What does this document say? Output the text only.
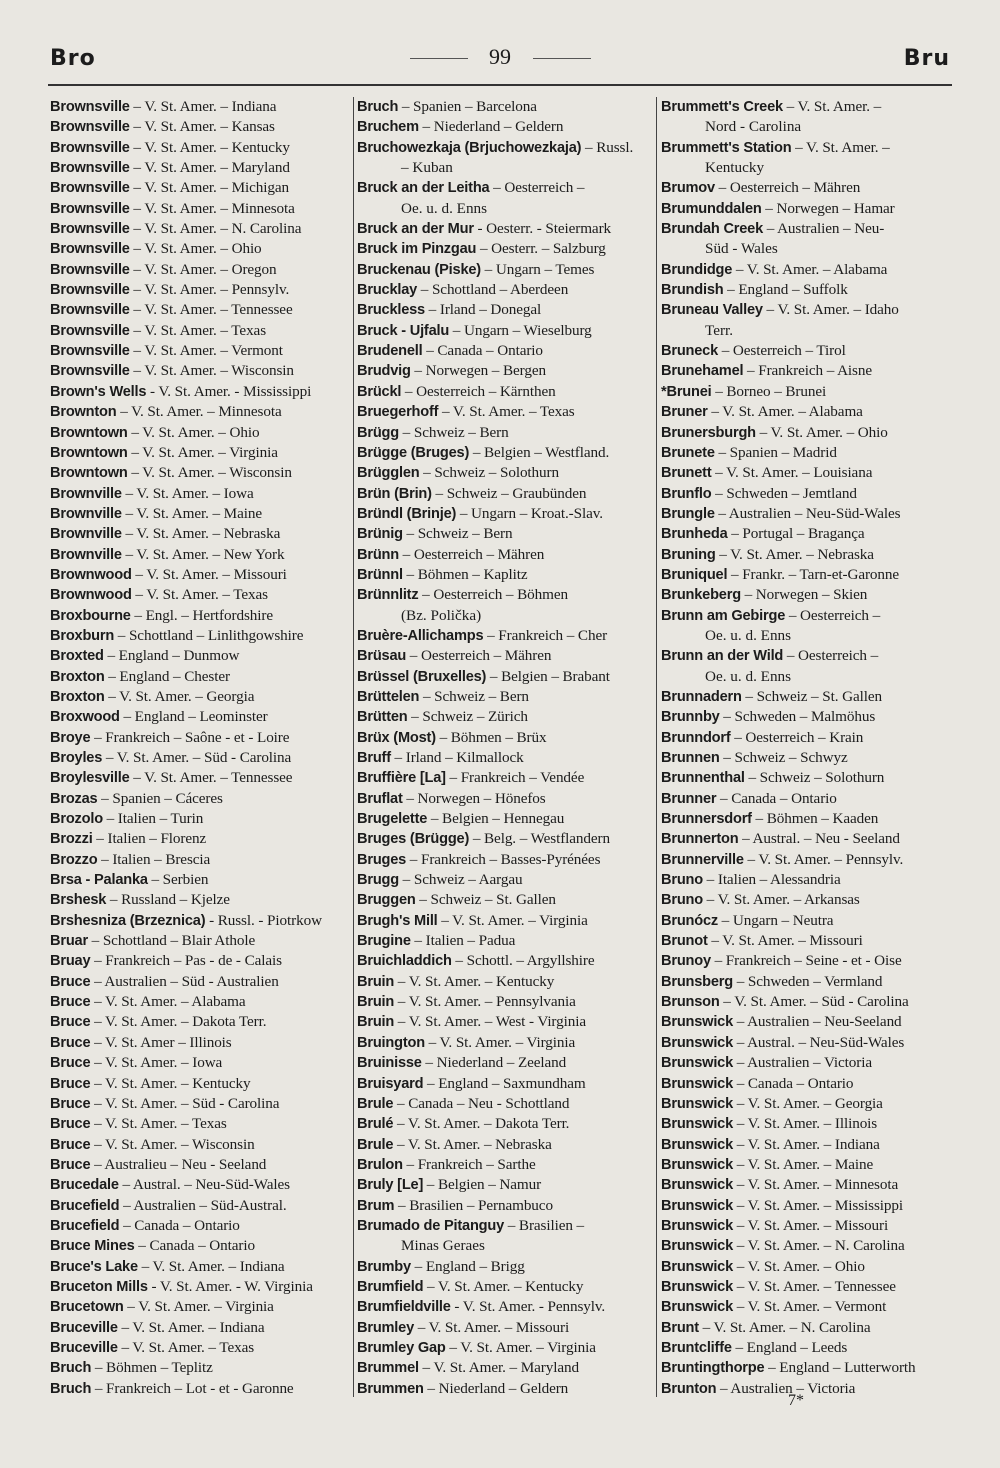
Bro	99	Bru
Brownsville – V. St. Amer. – Indiana
Brownsville – V. St. Amer. – Kansas
Brownsville – V. St. Amer. – Kentucky
Brownsville – V. St. Amer. – Maryland
Brownsville – V. St. Amer. – Michigan
Brownsville – V. St. Amer. – Minnesota
Brownsville – V. St. Amer. – N. Carolina
Brownsville – V. St. Amer. – Ohio
Brownsville – V. St. Amer. – Oregon
Brownsville – V. St. Amer. – Pennsylv.
Brownsville – V. St. Amer. – Tennessee
Brownsville – V. St. Amer. – Texas
Brownsville – V. St. Amer. – Vermont
Brownsville – V. St. Amer. – Wisconsin
Brown's Wells - V. St. Amer. - Mississippi
Brownton – V. St. Amer. – Minnesota
Browntown – V. St. Amer. – Ohio
Browntown – V. St. Amer. – Virginia
Browntown – V. St. Amer. – Wisconsin
Brownville – V. St. Amer. – Iowa
Brownville – V. St. Amer. – Maine
Brownville – V. St. Amer. – Nebraska
Brownville – V. St. Amer. – New York
Brownwood – V. St. Amer. – Missouri
Brownwood – V. St. Amer. – Texas
Broxbourne – Engl. – Hertfordshire
Broxburn – Schottland – Linlithgowshire
Broxted – England – Dunmow
Broxton – England – Chester
Broxton – V. St. Amer. – Georgia
Broxwood – England – Leominster
Broye – Frankreich – Saône - et - Loire
Broyles – V. St. Amer. – Süd - Carolina
Broylesville – V. St. Amer. – Tennessee
Brozas – Spanien – Cáceres
Brozolo – Italien – Turin
Brozzi – Italien – Florenz
Brozzo – Italien – Brescia
Brsa - Palanka – Serbien
Brshesk – Russland – Kjelze
Brshesniza (Brzeznica) - Russl. - Piotrkow
Bruar – Schottland – Blair Athole
Bruay – Frankreich – Pas - de - Calais
Bruce – Australien – Süd - Australien
Bruce – V. St. Amer. – Alabama
Bruce – V. St. Amer. – Dakota Terr.
Bruce – V. St. Amer – Illinois
Bruce – V. St. Amer. – Iowa
Bruce – V. St. Amer. – Kentucky
Bruce – V. St. Amer. – Süd - Carolina
Bruce – V. St. Amer. – Texas
Bruce – V. St. Amer. – Wisconsin
Bruce – Australieu – Neu - Seeland
Brucedale – Austral. – Neu-Süd-Wales
Brucefield – Australien – Süd-Austral.
Brucefield – Canada – Ontario
Bruce Mines – Canada – Ontario
Bruce's Lake – V. St. Amer. – Indiana
Bruceton Mills - V. St. Amer. - W. Virginia
Brucetown – V. St. Amer. – Virginia
Bruceville – V. St. Amer. – Indiana
Bruceville – V. St. Amer. – Texas
Bruch – Böhmen – Teplitz
Bruch – Frankreich – Lot - et - Garonne
Bruch – Spanien – Barcelona
Bruchem – Niederland – Geldern
Bruchowezkaja (Brjuchowezkaja) – Russl.
– Kuban
Bruck an der Leitha – Oesterreich –
Oe. u. d. Enns
Bruck an der Mur - Oesterr. - Steiermark
Bruck im Pinzgau – Oesterr. – Salzburg
Bruckenau (Piske) – Ungarn – Temes
Brucklay – Schottland – Aberdeen
Bruckless – Irland – Donegal
Bruck - Ujfalu – Ungarn – Wieselburg
Brudenell – Canada – Ontario
Brudvig – Norwegen – Bergen
Brückl – Oesterreich – Kärnthen
Bruegerhoff – V. St. Amer. – Texas
Brügg – Schweiz – Bern
Brügge (Bruges) – Belgien – Westfland.
Brügglen – Schweiz – Solothurn
Brün (Brin) – Schweiz – Graubünden
Bründl (Brinje) – Ungarn – Kroat.-Slav.
Brünig – Schweiz – Bern
Brünn – Oesterreich – Mähren
Brünnl – Böhmen – Kaplitz
Brünnlitz – Oesterreich – Böhmen
(Bz. Polička)
Bruère-Allichamps – Frankreich – Cher
Brüsau – Oesterreich – Mähren
Brüssel (Bruxelles) – Belgien – Brabant
Brüttelen – Schweiz – Bern
Brütten – Schweiz – Zürich
Brüx (Most) – Böhmen – Brüx
Bruff – Irland – Kilmallock
Bruffière [La] – Frankreich – Vendée
Bruflat – Norwegen – Hönefos
Brugelette – Belgien – Hennegau
Bruges (Brügge) – Belg. – Westflandern
Bruges – Frankreich – Basses-Pyrénées
Brugg – Schweiz – Aargau
Bruggen – Schweiz – St. Gallen
Brugh's Mill – V. St. Amer. – Virginia
Brugine – Italien – Padua
Bruichladdich – Schottl. – Argyllshire
Bruin – V. St. Amer. – Kentucky
Bruin – V. St. Amer. – Pennsylvania
Bruin – V. St. Amer. – West - Virginia
Bruington – V. St. Amer. – Virginia
Bruinisse – Niederland – Zeeland
Bruisyard – England – Saxmundham
Brule – Canada – Neu - Schottland
Brulé – V. St. Amer. – Dakota Terr.
Brule – V. St. Amer. – Nebraska
Brulon – Frankreich – Sarthe
Bruly [Le] – Belgien – Namur
Brum – Brasilien – Pernambuco
Brumado de Pitanguy – Brasilien –
Minas Geraes
Brumby – England – Brigg
Brumfield – V. St. Amer. – Kentucky
Brumfieldville - V. St. Amer. - Pennsylv.
Brumley – V. St. Amer. – Missouri
Brumley Gap – V. St. Amer. – Virginia
Brummel – V. St. Amer. – Maryland
Brummen – Niederland – Geldern
Brummett's Creek – V. St. Amer. –
Nord - Carolina
Brummett's Station – V. St. Amer. –
Kentucky
Brumov – Oesterreich – Mähren
Brumunddalen – Norwegen – Hamar
Brundah Creek – Australien – Neu-
Süd - Wales
Brundidge – V. St. Amer. – Alabama
Brundish – England – Suffolk
Bruneau Valley – V. St. Amer. – Idaho
Terr.
Bruneck – Oesterreich – Tirol
Brunehamel – Frankreich – Aisne
*Brunei – Borneo – Brunei
Bruner – V. St. Amer. – Alabama
Brunersburgh – V. St. Amer. – Ohio
Brunete – Spanien – Madrid
Brunett – V. St. Amer. – Louisiana
Brunflo – Schweden – Jemtland
Brungle – Australien – Neu-Süd-Wales
Brunheda – Portugal – Bragança
Bruning – V. St. Amer. – Nebraska
Bruniquel – Frankr. – Tarn-et-Garonne
Brunkeberg – Norwegen – Skien
Brunn am Gebirge – Oesterreich –
Oe. u. d. Enns
Brunn an der Wild – Oesterreich –
Oe. u. d. Enns
Brunnadern – Schweiz – St. Gallen
Brunnby – Schweden – Malmöhus
Brunndorf – Oesterreich – Krain
Brunnen – Schweiz – Schwyz
Brunnenthal – Schweiz – Solothurn
Brunner – Canada – Ontario
Brunnersdorf – Böhmen – Kaaden
Brunnerton – Austral. – Neu - Seeland
Brunnerville – V. St. Amer. – Pennsylv.
Bruno – Italien – Alessandria
Bruno – V. St. Amer. – Arkansas
Brunócz – Ungarn – Neutra
Brunot – V. St. Amer. – Missouri
Brunoy – Frankreich – Seine - et - Oise
Brunsberg – Schweden – Vermland
Brunson – V. St. Amer. – Süd - Carolina
Brunswick – Australien – Neu-Seeland
Brunswick – Austral. – Neu-Süd-Wales
Brunswick – Australien – Victoria
Brunswick – Canada – Ontario
Brunswick – V. St. Amer. – Georgia
Brunswick – V. St. Amer. – Illinois
Brunswick – V. St. Amer. – Indiana
Brunswick – V. St. Amer. – Maine
Brunswick – V. St. Amer. – Minnesota
Brunswick – V. St. Amer. – Mississippi
Brunswick – V. St. Amer. – Missouri
Brunswick – V. St. Amer. – N. Carolina
Brunswick – V. St. Amer. – Ohio
Brunswick – V. St. Amer. – Tennessee
Brunswick – V. St. Amer. – Vermont
Brunt – V. St. Amer. – N. Carolina
Bruntcliffe – England – Leeds
Bruntingthorpe – England – Lutterworth
Brunton – Australien – Victoria
7*
